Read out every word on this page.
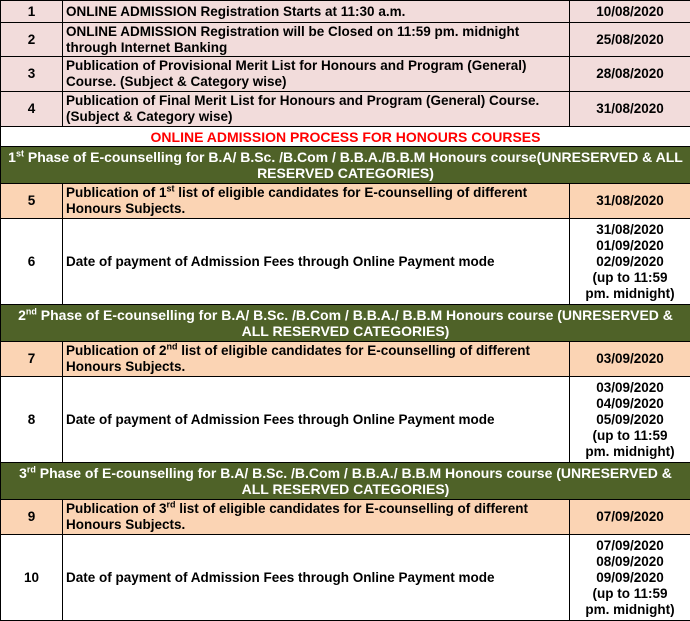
1	ONLINE ADMISSION Registration Starts at 11:30 a.m.	10/08/2020
2	ONLINE ADMISSION Registration will be Closed on 11:59 pm. midnight through Internet Banking	25/08/2020
3	Publication of Provisional Merit List for Honours and Program (General) Course. (Subject & Category wise)	28/08/2020
4	Publication of Final Merit List for Honours and Program (General) Course.(Subject & Category wise)	31/08/2020
ONLINE ADMISSION PROCESS FOR HONOURS COURSES		
1st Phase of E-counselling for B.A/ B.Sc. /B.Com / B.B.A./B.B.M Honours course(UNRESERVED & ALL RESERVED CATEGORIES)		
5	Publication of 1st list of eligible candidates for E-counselling of different Honours Subjects.	31/08/2020
6	Date of payment of Admission Fees through Online Payment mode	31/08/2020
01/09/2020
02/09/2020
(up to 11:59
pm. midnight)

2nd Phase of E-counselling for B.A/ B.Sc. /B.Com / B.B.A./ B.B.M Honours course (UNRESERVED & ALL RESERVED CATEGORIES)		
7	Publication of 2nd list of eligible candidates for E-counselling of different Honours Subjects.	03/09/2020
8	Date of payment of Admission Fees through Online Payment mode	03/09/2020
04/09/2020
05/09/2020
(up to 11:59
pm. midnight)

3rd Phase of E-counselling for B.A/ B.Sc. /B.Com / B.B.A./ B.B.M Honours course (UNRESERVED & ALL RESERVED CATEGORIES)		
9	Publication of 3rd list of eligible candidates for E-counselling of different Honours Subjects.	07/09/2020
10	Date of payment of Admission Fees through Online Payment mode	07/09/2020
08/09/2020
09/09/2020
(up to 11:59
pm. midnight)
